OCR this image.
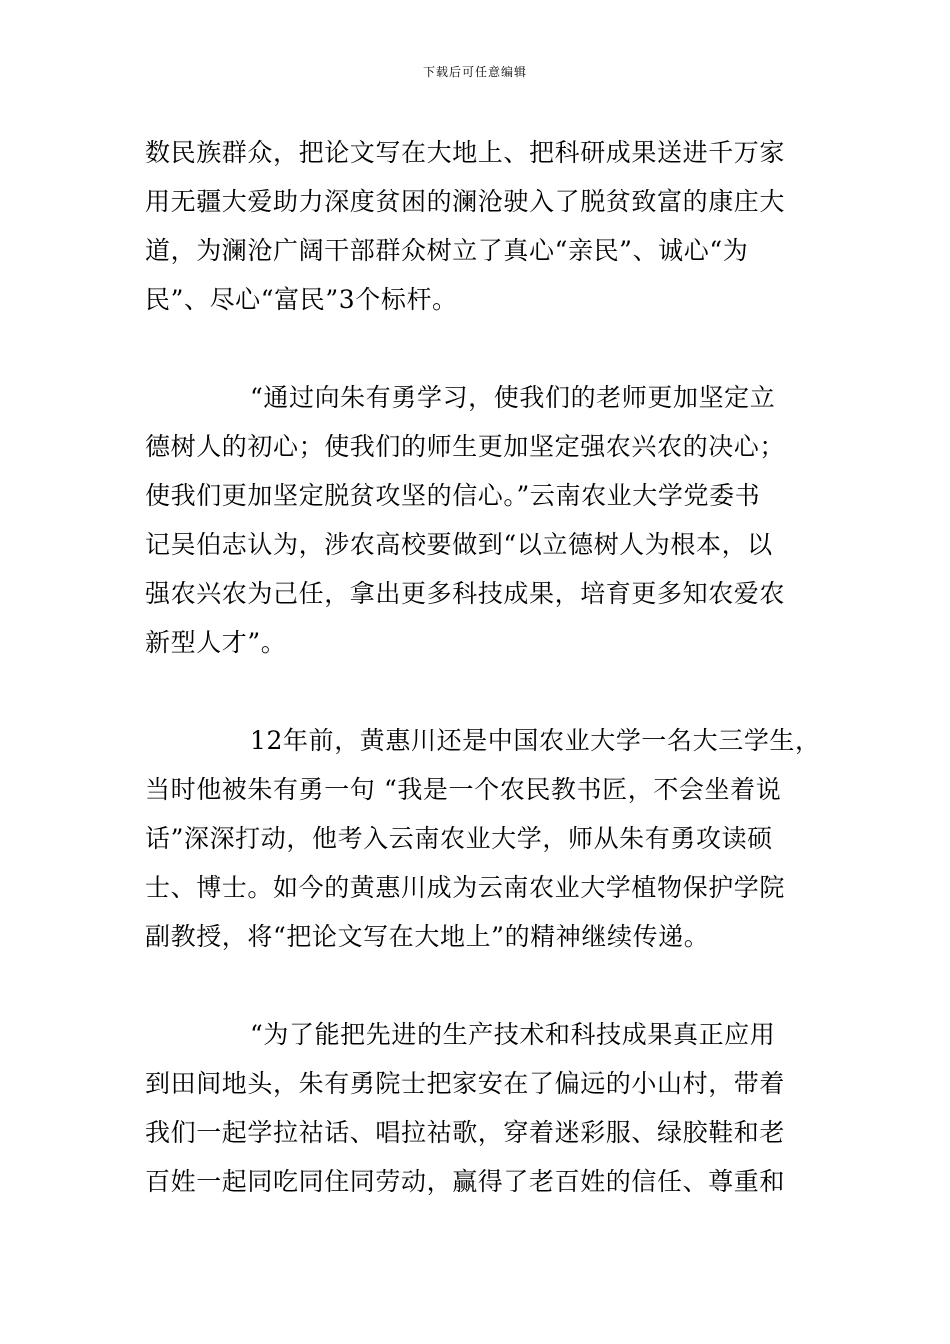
下载后可任意编辑
数民族群众，把论文写在大地上、把科研成果送进千万家
用无疆大爱助力深度贫困的澜沧驶入了脱贫致富的康庄大
道，为澜沧广阔干部群众树立了真心“亲民”、诚心“为
民”、尽心“富民”3个标杆。
“通过向朱有勇学习，使我们的老师更加坚定立
德树人的初心；使我们的师生更加坚定强农兴农的决心；
使我们更加坚定脱贫攻坚的信心。”云南农业大学党委书
记吴伯志认为，涉农高校要做到“以立德树人为根本，以
强农兴农为己任，拿出更多科技成果，培育更多知农爱农
新型人才”。
12年前，黄惠川还是中国农业大学一名大三学生，
当时他被朱有勇一句 “我是一个农民教书匠，不会坐着说
话”深深打动，他考入云南农业大学，师从朱有勇攻读硕
士、博士。如今的黄惠川成为云南农业大学植物保护学院
副教授，将“把论文写在大地上”的精神继续传递。
“为了能把先进的生产技术和科技成果真正应用
到田间地头，朱有勇院士把家安在了偏远的小山村，带着
我们一起学拉祜话、唱拉祜歌，穿着迷彩服、绿胶鞋和老
百姓一起同吃同住同劳动，赢得了老百姓的信任、尊重和
